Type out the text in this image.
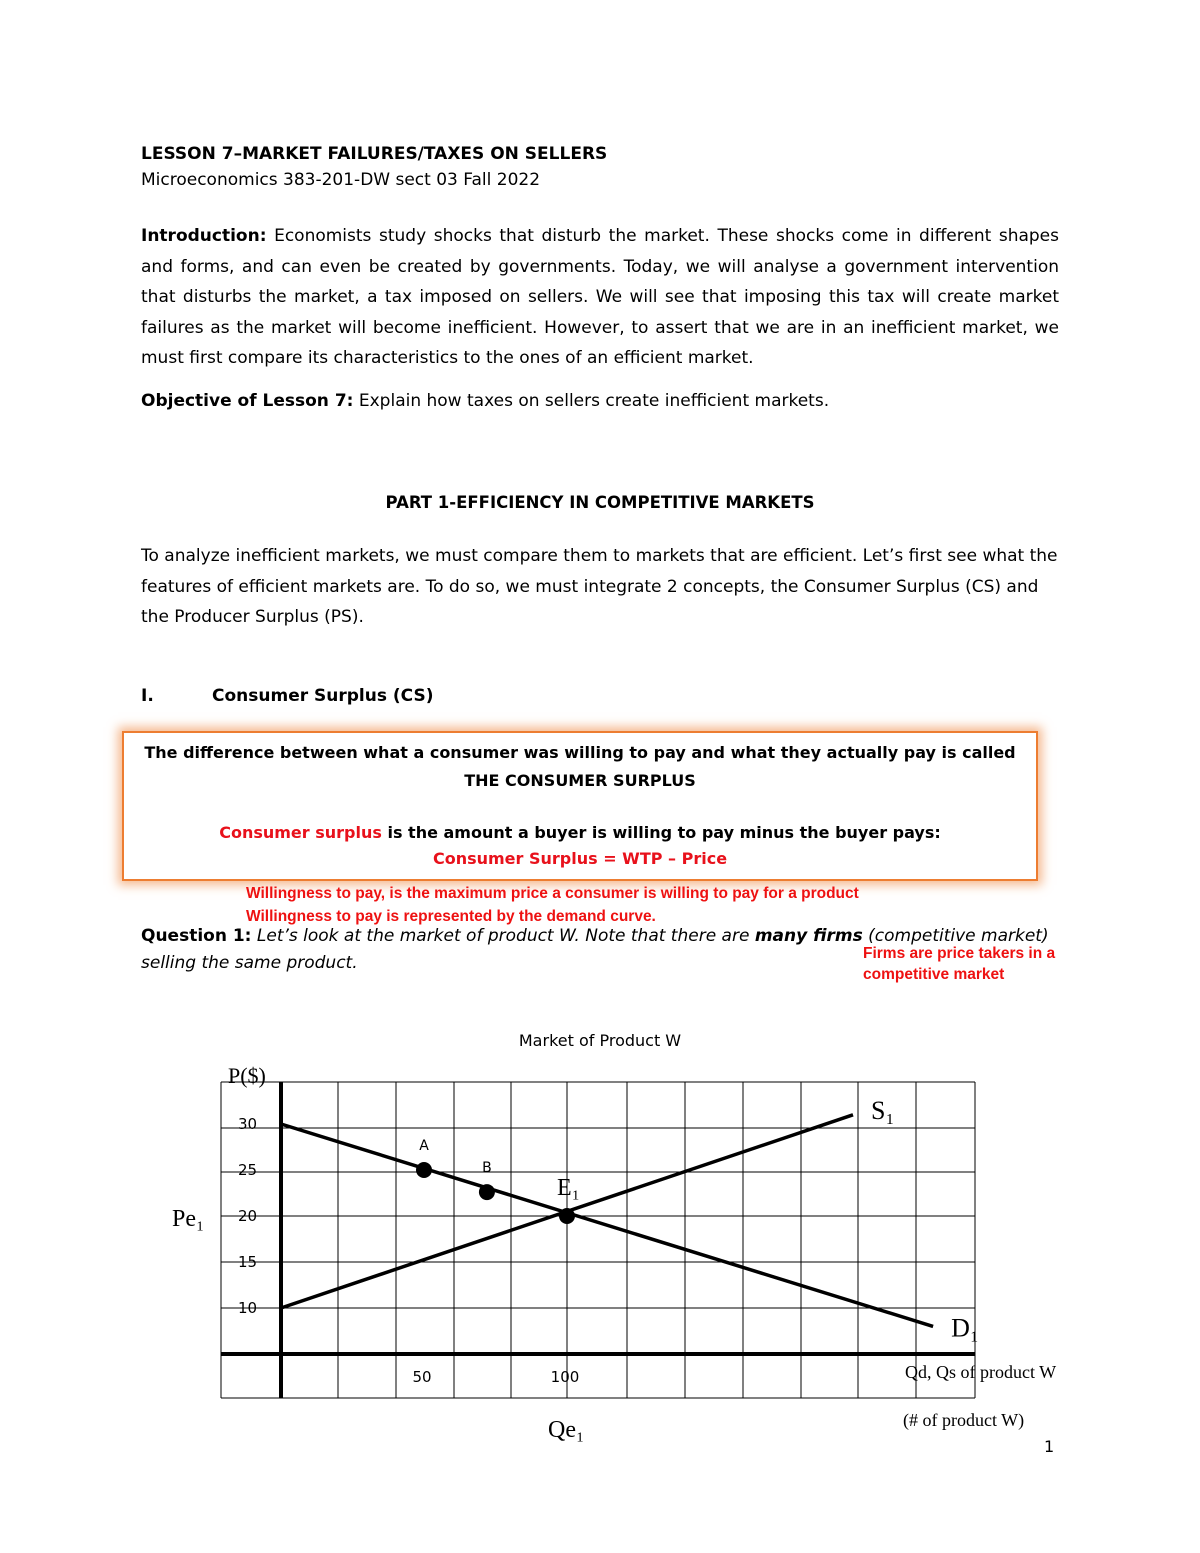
LESSON 7–MARKET FAILURES/TAXES ON SELLERS
Microeconomics 383-201-DW sect 03 Fall 2022
Introduction: Economists study shocks that disturb the market. These shocks come in different shapes and forms, and can even be created by governments. Today, we will analyse a government intervention that disturbs the market, a tax imposed on sellers. We will see that imposing this tax will create market failures as the market will become inefficient. However, to assert that we are in an inefficient market, we must first compare its characteristics to the ones of an efficient market.
Objective of Lesson 7: Explain how taxes on sellers create inefficient markets.
PART 1-EFFICIENCY IN COMPETITIVE MARKETS
To analyze inefficient markets, we must compare them to markets that are efficient. Let’s first see what the features of efficient markets are. To do so, we must integrate 2 concepts, the Consumer Surplus (CS) and the Producer Surplus (PS).
I.	Consumer Surplus (CS)
The difference between what a consumer was willing to pay and what they actually pay is called
THE CONSUMER SURPLUS
Consumer surplus is the amount a buyer is willing to pay minus the buyer pays:
Consumer Surplus = WTP – Price
Willingness to pay, is the maximum price a consumer is willing to pay for a product
Willingness to pay is represented by the demand curve.
Question 1: Let’s look at the market of product W. Note that there are many firms (competitive market) selling the same product.	Firms are price takers in a
competitive market
Market of Product W
30
25
20
15
10
50	100
S₁
D₁
A
B
E₁
P($)
Pe₁
Qe₁
Qd, Qs of product W
(# of product W)
1
